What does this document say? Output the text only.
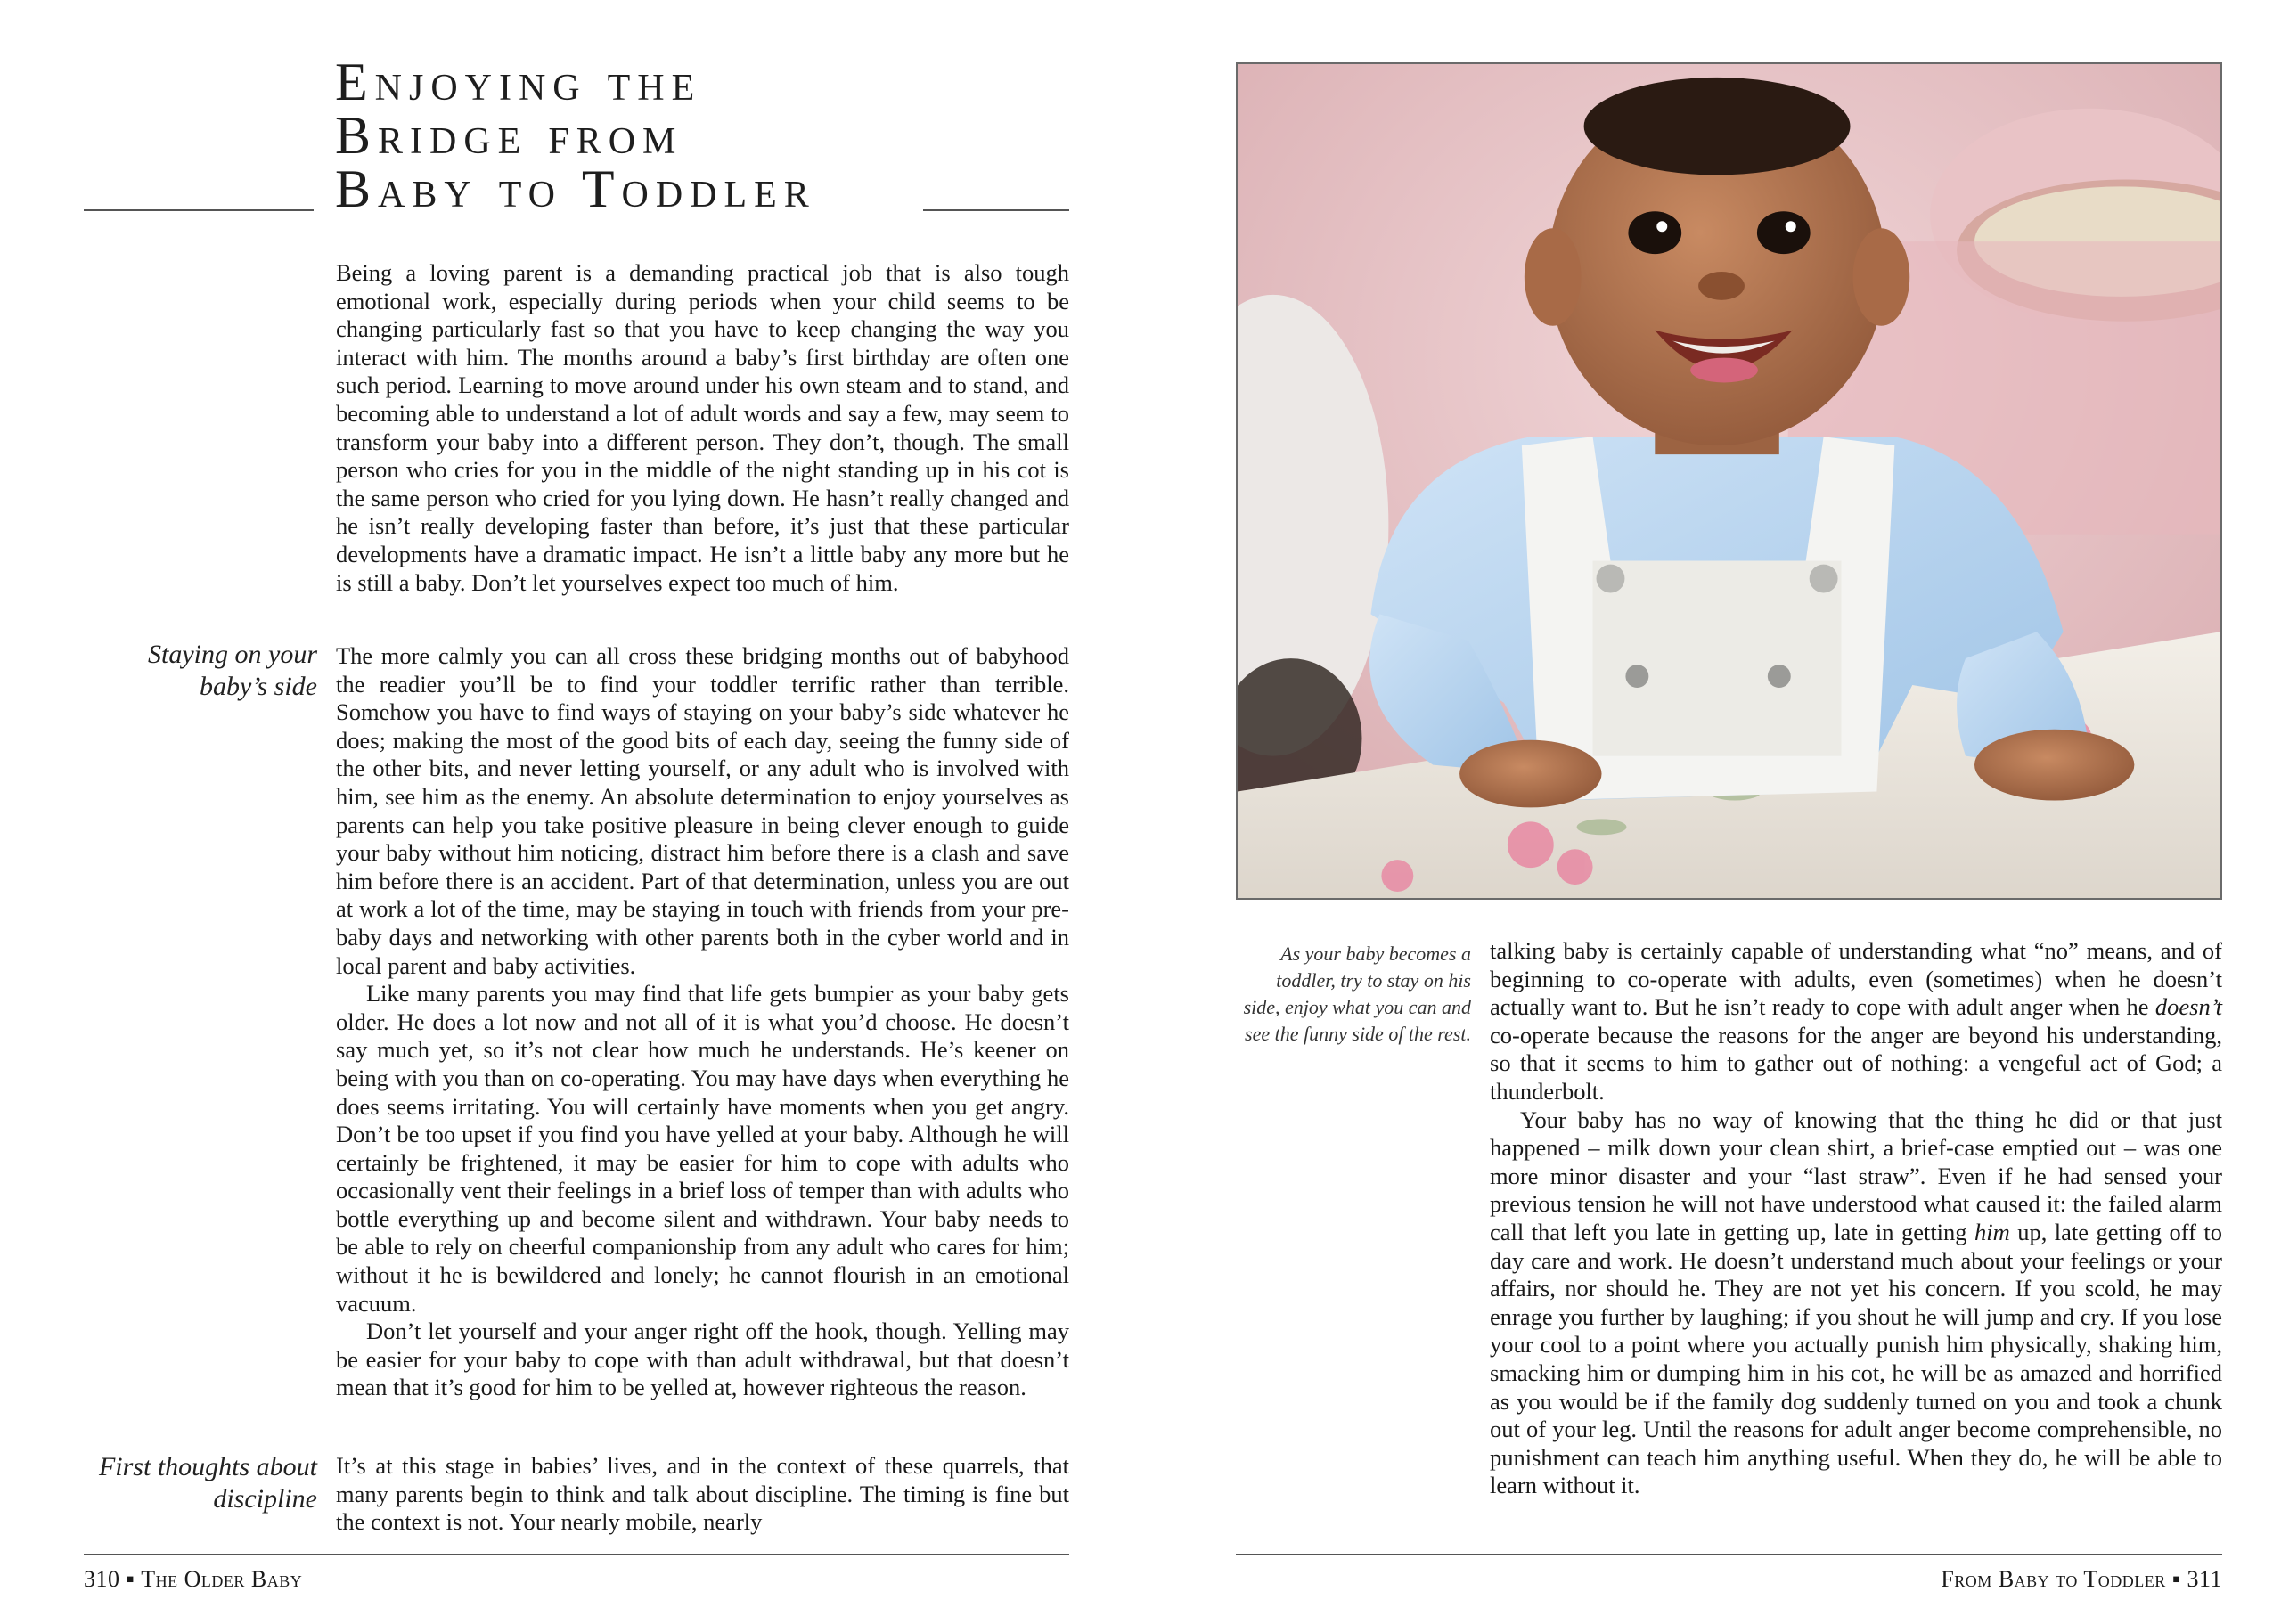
Enjoying the
Bridge from
Baby to Toddler

Being a loving parent is a demanding practical job that is also tough emotional work, especially during periods when your child seems to be changing particularly fast so that you have to keep changing the way you interact with him. The months around a baby’s first birthday are often one such period. Learning to move around under his own steam and to stand, and becoming able to understand a lot of adult words and say a few, may seem to transform your baby into a different person. They don’t, though. The small person who cries for you in the middle of the night standing up in his cot is the same person who cried for you lying down. He hasn’t really changed and he isn’t really developing faster than before, it’s just that these particular developments have a dramatic impact. He isn’t a little baby any more but he is still a baby. Don’t let yourselves expect too much of him.

Staying on your baby’s side

The more calmly you can all cross these bridging months out of babyhood the readier you’ll be to find your toddler terrific rather than terrible. Somehow you have to find ways of staying on your baby’s side whatever he does; making the most of the good bits of each day, seeing the funny side of the other bits, and never letting yourself, or any adult who is involved with him, see him as the enemy. An absolute determination to enjoy yourselves as parents can help you take positive pleasure in being clever enough to guide your baby without him noticing, distract him before there is a clash and save him before there is an accident. Part of that determination, unless you are out at work a lot of the time, may be staying in touch with friends from your pre-baby days and networking with other parents both in the cyber world and in local parent and baby activities.

Like many parents you may find that life gets bumpier as your baby gets older. He does a lot now and not all of it is what you’d choose. He doesn’t say much yet, so it’s not clear how much he understands. He’s keener on being with you than on co-operating. You may have days when everything he does seems irritating. You will certainly have moments when you get angry. Don’t be too upset if you find you have yelled at your baby. Although he will certainly be frightened, it may be easier for him to cope with adults who occasionally vent their feelings in a brief loss of temper than with adults who bottle everything up and become silent and withdrawn. Your baby needs to be able to rely on cheerful companionship from any adult who cares for him; without it he is bewildered and lonely; he cannot flourish in an emotional vacuum.

Don’t let yourself and your anger right off the hook, though. Yelling may be easier for your baby to cope with than adult withdrawal, but that doesn’t mean that it’s good for him to be yelled at, however righteous the reason.

First thoughts about discipline

It’s at this stage in babies’ lives, and in the context of these quarrels, that many parents begin to think and talk about discipline. The timing is fine but the context is not. Your nearly mobile, nearly

310 ▪ The Older Baby
As your baby becomes a toddler, try to stay on his side, enjoy what you can and see the funny side of the rest.

talking baby is certainly capable of understanding what “no” means, and of beginning to co-operate with adults, even (sometimes) when he doesn’t actually want to. But he isn’t ready to cope with adult anger when he doesn’t co-operate because the reasons for the anger are beyond his understanding, so that it seems to him to gather out of nothing: a vengeful act of God; a thunderbolt.

Your baby has no way of knowing that the thing he did or that just happened – milk down your clean shirt, a brief-case emptied out – was one more minor disaster and your “last straw”. Even if he had sensed your previous tension he will not have understood what caused it: the failed alarm call that left you late in getting up, late in getting him up, late getting off to day care and work. He doesn’t understand much about your feelings or your affairs, nor should he. They are not yet his concern. If you scold, he may enrage you further by laughing; if you shout he will jump and cry. If you lose your cool to a point where you actually punish him physically, shaking him, smacking him or dumping him in his cot, he will be as amazed and horrified as you would be if the family dog suddenly turned on you and took a chunk out of your leg. Until the reasons for adult anger become comprehensible, no punishment can teach him anything useful. When they do, he will be able to learn without it.

From Baby to Toddler ▪ 311
